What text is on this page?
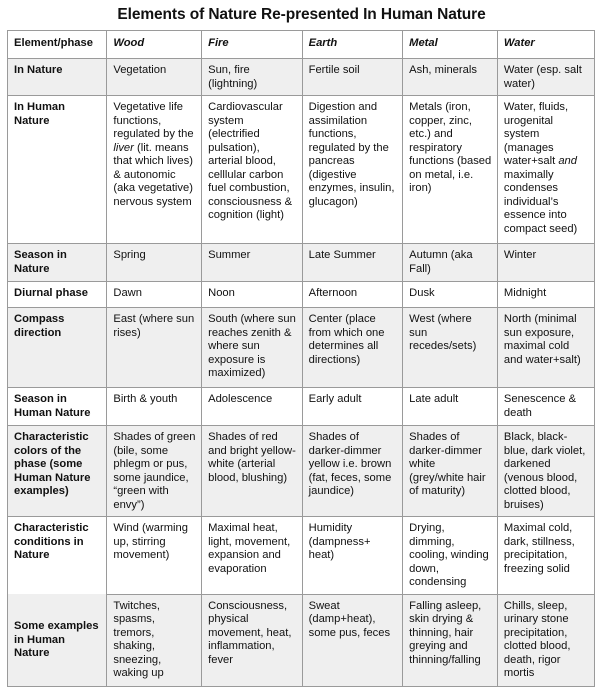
Elements of Nature Re-presented In Human Nature
Element/phase	Wood	Fire	Earth	Metal	Water
In Nature	Vegetation	Sun, fire (lightning)	Fertile soil	Ash, minerals	Water (esp. salt water)
In Human Nature	Vegetative life functions, regulated by the liver (lit. means that which lives) & autonomic (aka vegetative) nervous system	Cardiovascular system (electrified pulsation), arterial blood, celllular carbon fuel combustion, consciousness & cognition (light)	Digestion and assimilation functions, regulated by the pancreas (digestive enzymes, insulin, glucagon)	Metals (iron, copper, zinc, etc.) and respiratory functions (based on metal, i.e. iron)	Water, fluids, urogenital system (manages water+salt and maximally condenses individual’s essence into compact seed)
Season in Nature	Spring	Summer	Late Summer	Autumn (aka Fall)	Winter
Diurnal phase	Dawn	Noon	Afternoon	Dusk	Midnight
Compass direction	East (where sun rises)	South (where sun reaches zenith & where sun exposure is maximized)	Center (place from which one determines all directions)	West (where sun recedes/sets)	North (minimal sun exposure, maximal cold and water+salt)
Season in Human Nature	Birth & youth	Adolescence	Early adult	Late adult	Senescence & death
Characteristic colors of the phase (some Human Nature examples)	Shades of green (bile, some phlegm or pus, some jaundice, “green with envy”)	Shades of red and bright yellow-white (arterial blood, blushing)	Shades of darker-dimmer yellow i.e. brown (fat, feces, some jaundice)	Shades of darker-dimmer white (grey/white hair of maturity)	Black, black-blue, dark violet, darkened (venous blood, clotted blood, bruises)
Characteristic conditions in Nature	Wind (warming up, stirring movement)	Maximal heat, light, movement, expansion and evaporation	Humidity (dampness+ heat)	Drying, dimming, cooling, winding down, condensing	Maximal cold, dark, stillness, precipitation, freezing solid
Some examples in Human Nature	Twitches, spasms, tremors, shaking, sneezing, waking up	Consciousness, physical movement, heat, inflammation, fever	Sweat (damp+heat), some pus, feces	Falling asleep, skin drying & thinning, hair greying and thinning/falling	Chills, sleep, urinary stone precipitation, clotted blood, death, rigor mortis
